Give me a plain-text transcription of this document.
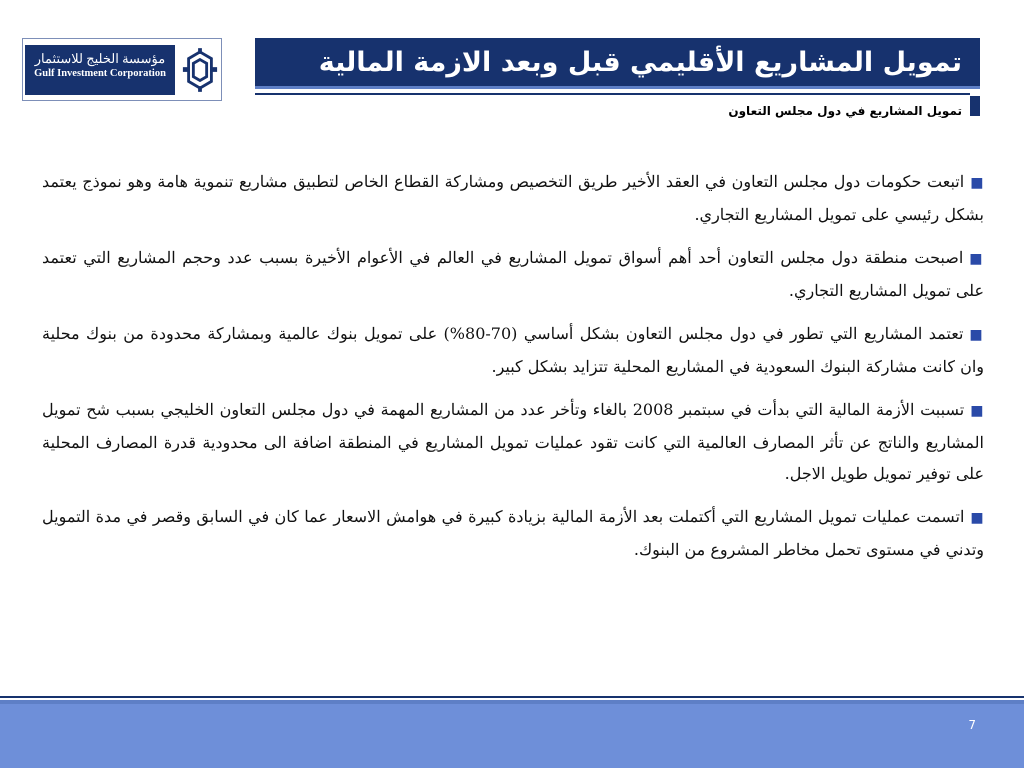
مؤسسة الخليج للاستثمار
Gulf Investment Corporation	تمويل المشاريع الأقليمي قبل وبعد الازمة المالية
تمويل المشاريع في دول مجلس التعاون

■اتبعت حكومات دول مجلس التعاون في العقد الأخير طريق التخصيص ومشاركة القطاع الخاص لتطبيق مشاريع تنموية هامة وهو نموذج يعتمد بشكل رئيسي على تمويل المشاريع التجاري.

■اصبحت منطقة دول مجلس التعاون أحد أهم أسواق تمويل المشاريع في العالم في الأعوام الأخيرة بسبب عدد وحجم المشاريع التي تعتمد على تمويل المشاريع التجاري.

■تعتمد المشاريع التي تطور في دول مجلس التعاون بشكل أساسي (70-80%) على تمويل بنوك عالمية وبمشاركة محدودة من بنوك محلية وان كانت مشاركة البنوك السعودية في المشاريع المحلية تتزايد بشكل كبير.

■تسببت الأزمة المالية التي بدأت في سبتمبر 2008 بالغاء وتأخر عدد من المشاريع المهمة في دول مجلس التعاون الخليجي بسبب شح تمويل المشاريع والناتج عن تأثر المصارف العالمية التي كانت تقود عمليات تمويل المشاريع في المنطقة اضافة الى محدودية قدرة المصارف المحلية على توفير تمويل طويل الاجل.

■اتسمت عمليات تمويل المشاريع التي أكتملت بعد الأزمة المالية بزيادة كبيرة في هوامش الاسعار عما كان في السابق وقصر في مدة التمويل وتدني في مستوى تحمل مخاطر المشروع من البنوك.

7
